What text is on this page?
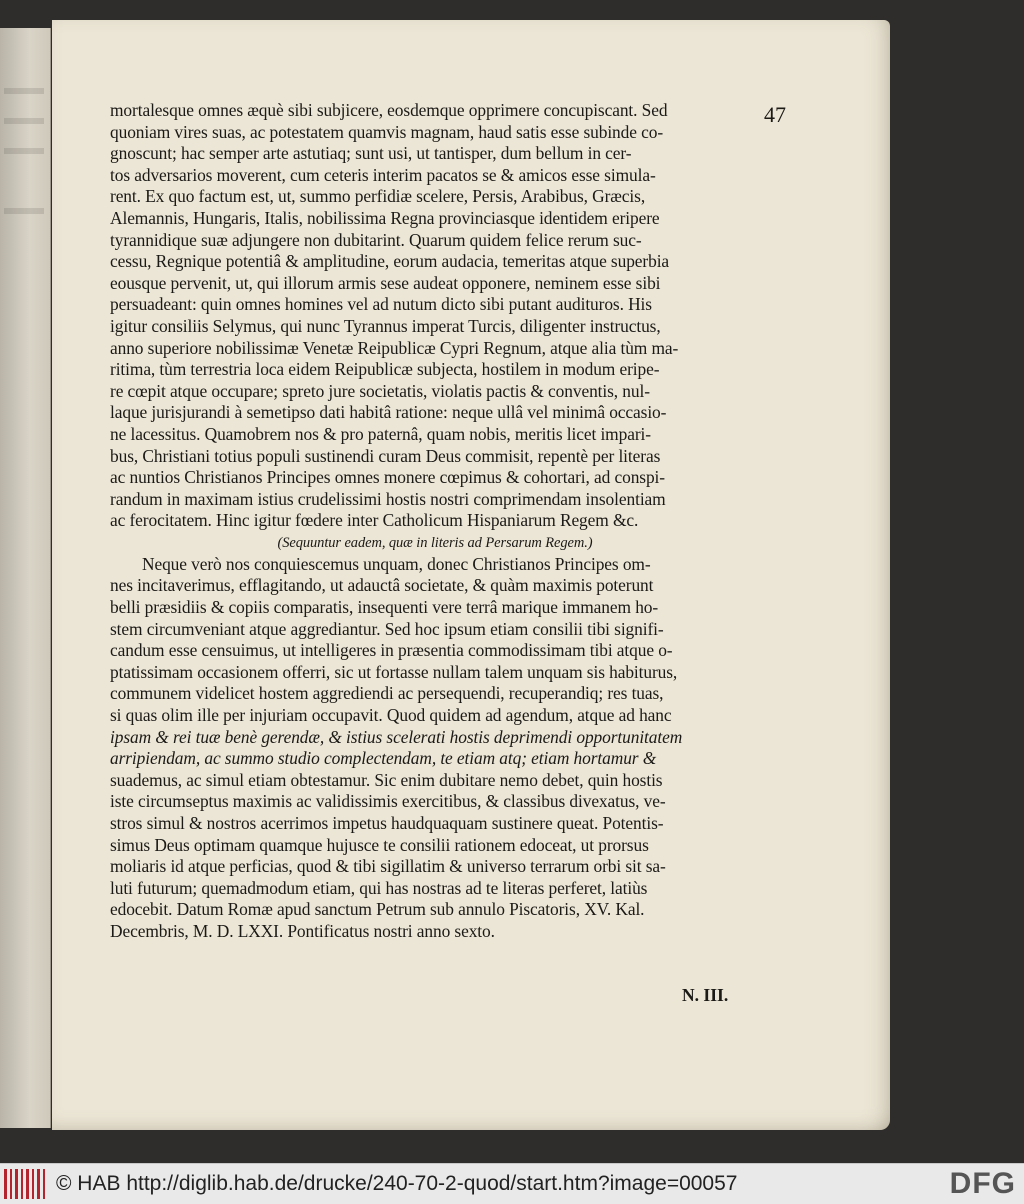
47
mortalesque omnes æquè sibi subjicere, eosdemque opprimere concupiscant. Sed
quoniam vires suas, ac potestatem quamvis magnam, haud satis esse subinde co-
gnoscunt; hac semper arte astutiaq; sunt usi, ut tantisper, dum bellum in cer-
tos adversarios moverent, cum ceteris interim pacatos se & amicos esse simula-
rent. Ex quo factum est, ut, summo perfidiæ scelere, Persis, Arabibus, Græcis,
Alemannis, Hungaris, Italis, nobilissima Regna provinciasque identidem eripere
tyrannidique suæ adjungere non dubitarint. Quarum quidem felice rerum suc-
cessu, Regnique potentiâ & amplitudine, eorum audacia, temeritas atque superbia
eousque pervenit, ut, qui illorum armis sese audeat opponere, neminem esse sibi
persuadeant: quin omnes homines vel ad nutum dicto sibi putant audituros. His
igitur consiliis Selymus, qui nunc Tyrannus imperat Turcis, diligenter instructus,
anno superiore nobilissimæ Venetæ Reipublicæ Cypri Regnum, atque alia tùm ma-
ritima, tùm terrestria loca eidem Reipublicæ subjecta, hostilem in modum eripe-
re cœpit atque occupare; spreto jure societatis, violatis pactis & conventis, nul-
laque jurisjurandi à semetipso dati habitâ ratione: neque ullâ vel minimâ occasio-
ne lacessitus. Quamobrem nos & pro paternâ, quam nobis, meritis licet impari-
bus, Christiani totius populi sustinendi curam Deus commisit, repentè per literas
ac nuntios Christianos Principes omnes monere cœpimus & cohortari, ad conspi-
randum in maximam istius crudelissimi hostis nostri comprimendam insolentiam
ac ferocitatem. Hinc igitur fœdere inter Catholicum Hispaniarum Regem &c.
(Sequuntur eadem, quæ in literis ad Persarum Regem.)
Neque verò nos conquiescemus unquam, donec Christianos Principes om-
nes incitaverimus, efflagitando, ut adauctâ societate, & quàm maximis poterunt
belli præsidiis & copiis comparatis, insequenti vere terrâ marique immanem ho-
stem circumveniant atque aggrediantur. Sed hoc ipsum etiam consilii tibi signifi-
candum esse censuimus, ut intelligeres in præsentia commodissimam tibi atque o-
ptatissimam occasionem offerri, sic ut fortasse nullam talem unquam sis habiturus,
communem videlicet hostem aggrediendi ac persequendi, recuperandiq; res tuas,
si quas olim ille per injuriam occupavit. Quod quidem ad agendum, atque ad hanc
ipsam & rei tuæ benè gerendæ, & istius scelerati hostis deprimendi opportunitatem
arripiendam, ac summo studio complectendam, te etiam atq; etiam hortamur &
suademus, ac simul etiam obtestamur. Sic enim dubitare nemo debet, quin hostis
iste circumseptus maximis ac validissimis exercitibus, & classibus divexatus, ve-
stros simul & nostros acerrimos impetus haudquaquam sustinere queat. Potentis-
simus Deus optimam quamque hujusce te consilii rationem edoceat, ut prorsus
moliaris id atque perficias, quod & tibi sigillatim & universo terrarum orbi sit sa-
luti futurum; quemadmodum etiam, qui has nostras ad te literas perferet, latiùs
edocebit. Datum Romæ apud sanctum Petrum sub annulo Piscatoris, XV. Kal.
Decembris, M. D. LXXI. Pontificatus nostri anno sexto.
N. III.
© HAB http://diglib.hab.de/drucke/240-70-2-quod/start.htm?image=00057	DFG
